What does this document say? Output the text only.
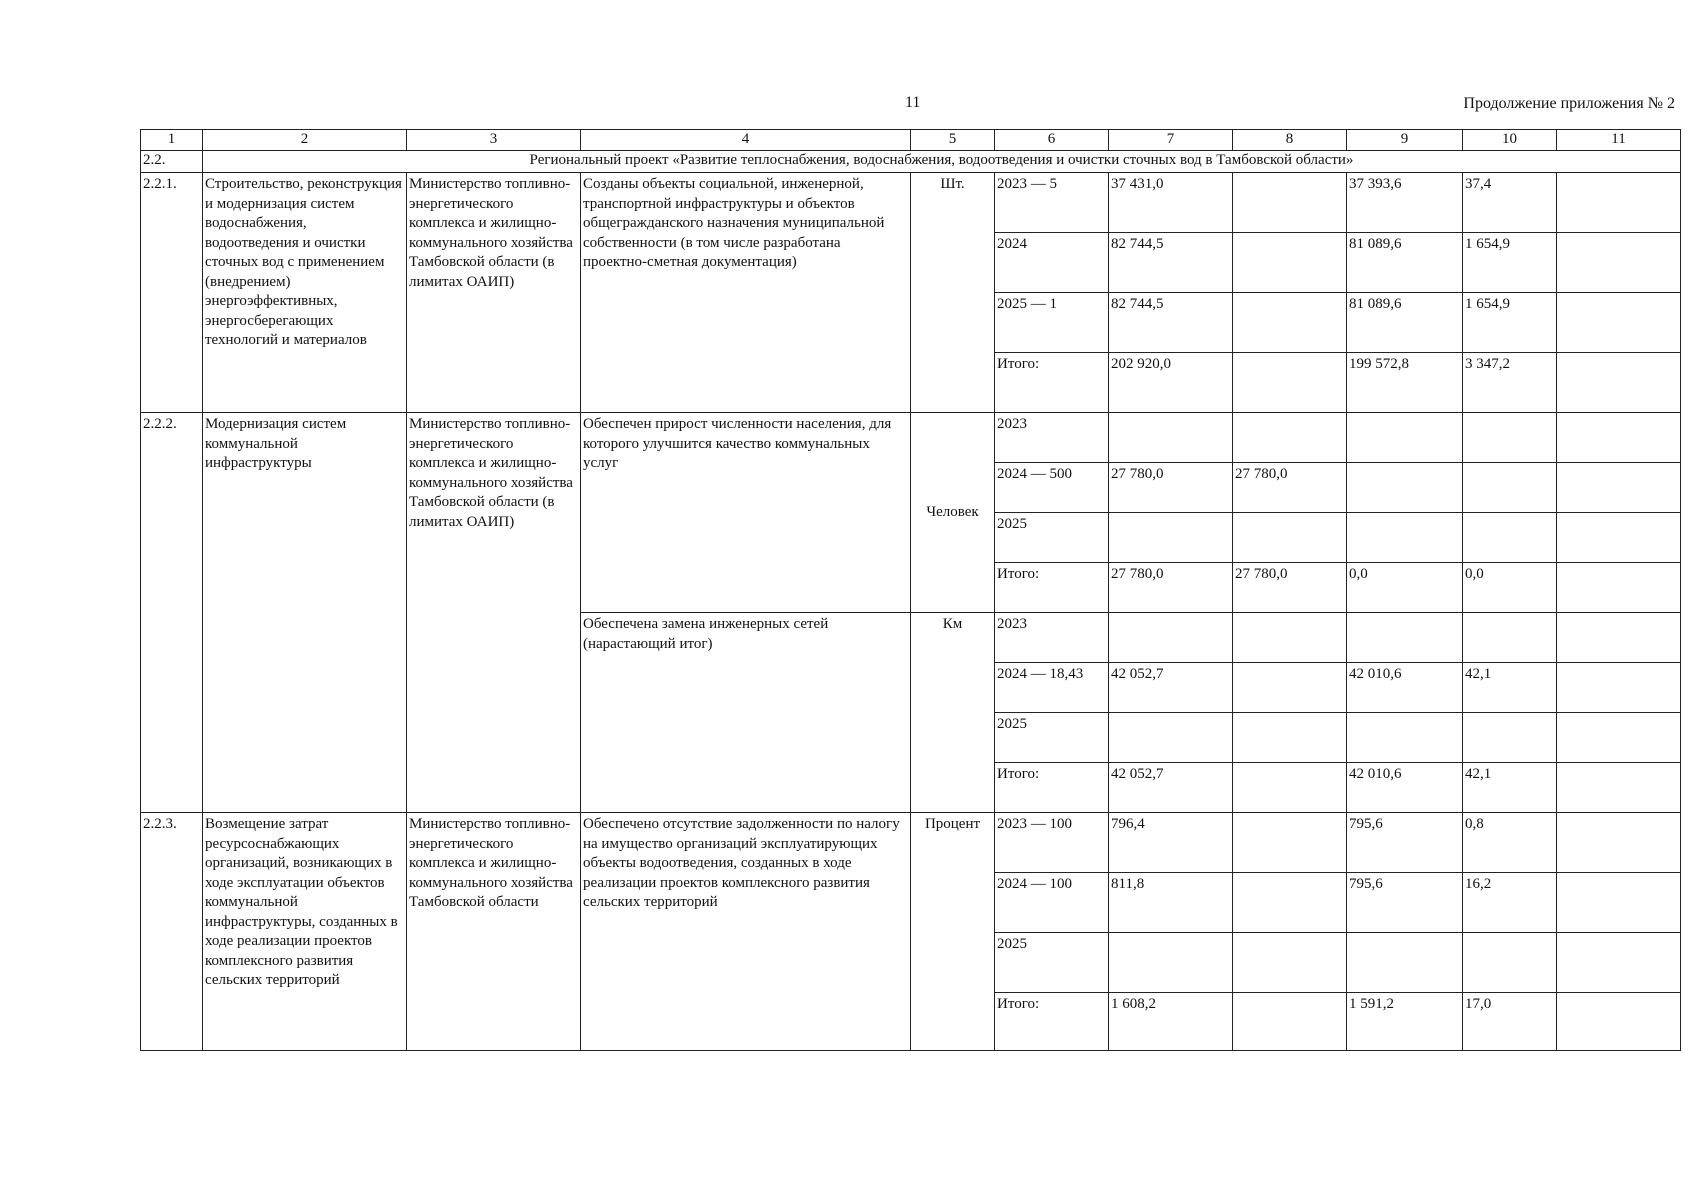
11	Продолжение приложения № 2
1	2	3	4	5	6	7	8	9	10	11
2.2.	Региональный проект «Развитие теплоснабжения, водоснабжения, водоотведения и очистки сточных вод в Тамбовской области»									
2.2.1.	Строительство, реконструкция и модернизация систем водоснабжения, водоотведения и очистки сточных вод с применением (внедрением) энергоэффективных, энергосберегающих технологий и материалов	Министерство топливно-энергетического комплекса и жилищно-коммунального хозяйства Тамбовской области (в лимитах ОАИП)	Созданы объекты социальной, инженерной, транспортной инфраструктуры и объектов общегражданского назначения муниципальной собственности (в том числе разработана проектно-сметная документация)	Шт.	2023 — 5	37 431,0		37 393,6	37,4	
					2024	82 744,5		81 089,6	1 654,9	
					2025 — 1	82 744,5		81 089,6	1 654,9	
					Итого:	202 920,0		199 572,8	3 347,2	
2.2.2.	Модернизация систем коммунальной инфраструктуры	Министерство топливно-энергетического комплекса и жилищно-коммунального хозяйства Тамбовской области (в лимитах ОАИП)	Обеспечен прирост численности населения, для которого улучшится качество коммунальных услуг	Человек	2023					
					2024 — 500	27 780,0	27 780,0			
					2025					
					Итого:	27 780,0	27 780,0	0,0	0,0	
			Обеспечена замена инженерных сетей (нарастающий итог)	Км	2023					
					2024 — 18,43	42 052,7		42 010,6	42,1	
					2025					
					Итого:	42 052,7		42 010,6	42,1	
2.2.3.	Возмещение затрат ресурсоснабжающих организаций, возникающих в ходе эксплуатации объектов коммунальной инфраструктуры, созданных в ходе реализации проектов комплексного развития сельских территорий	Министерство топливно-энергетического комплекса и жилищно-коммунального хозяйства Тамбовской области	Обеспечено отсутствие задолженности по налогу на имущество организаций эксплуатирующих объекты водоотведения, созданных в ходе реализации проектов комплексного развития сельских территорий	Процент	2023 — 100	796,4		795,6	0,8	
					2024 — 100	811,8		795,6	16,2	
					2025					
					Итого:	1 608,2		1 591,2	17,0	
